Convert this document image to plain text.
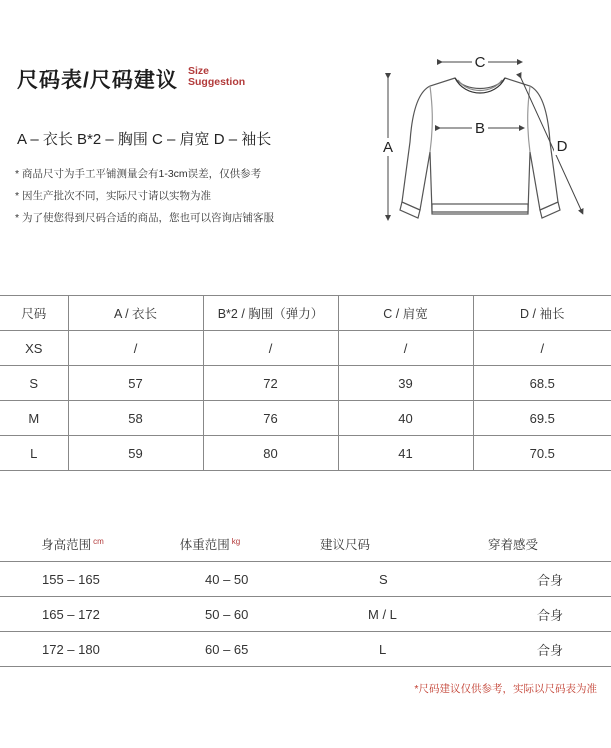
尺码表/尺码建议 Size
Suggestion
A – 衣长 B*2 – 胸围 C – 肩宽 D – 袖长
* 商品尺寸为手工平铺测量会有1-3cm误差，仅供参考
* 因生产批次不同，实际尺寸请以实物为准
* 为了使您得到尺码合适的商品，您也可以咨询店铺客服
C
B
A	D
尺码	A / 衣长	B*2 / 胸围（弹力）	C / 肩宽	D / 袖长
XS	/	/	/	/
S	57	72	39	68.5
M	58	76	40	69.5
L	59	80	41	70.5
身高范围 $^{cm}$	体重范围 $^{kg}$	建议尺码	穿着感受
155 – 165	40 – 50	S	合身
165 – 172	50 – 60	M / L	合身
172 – 180	60 – 65	L	合身
*尺码建议仅供参考，实际以尺码表为准
